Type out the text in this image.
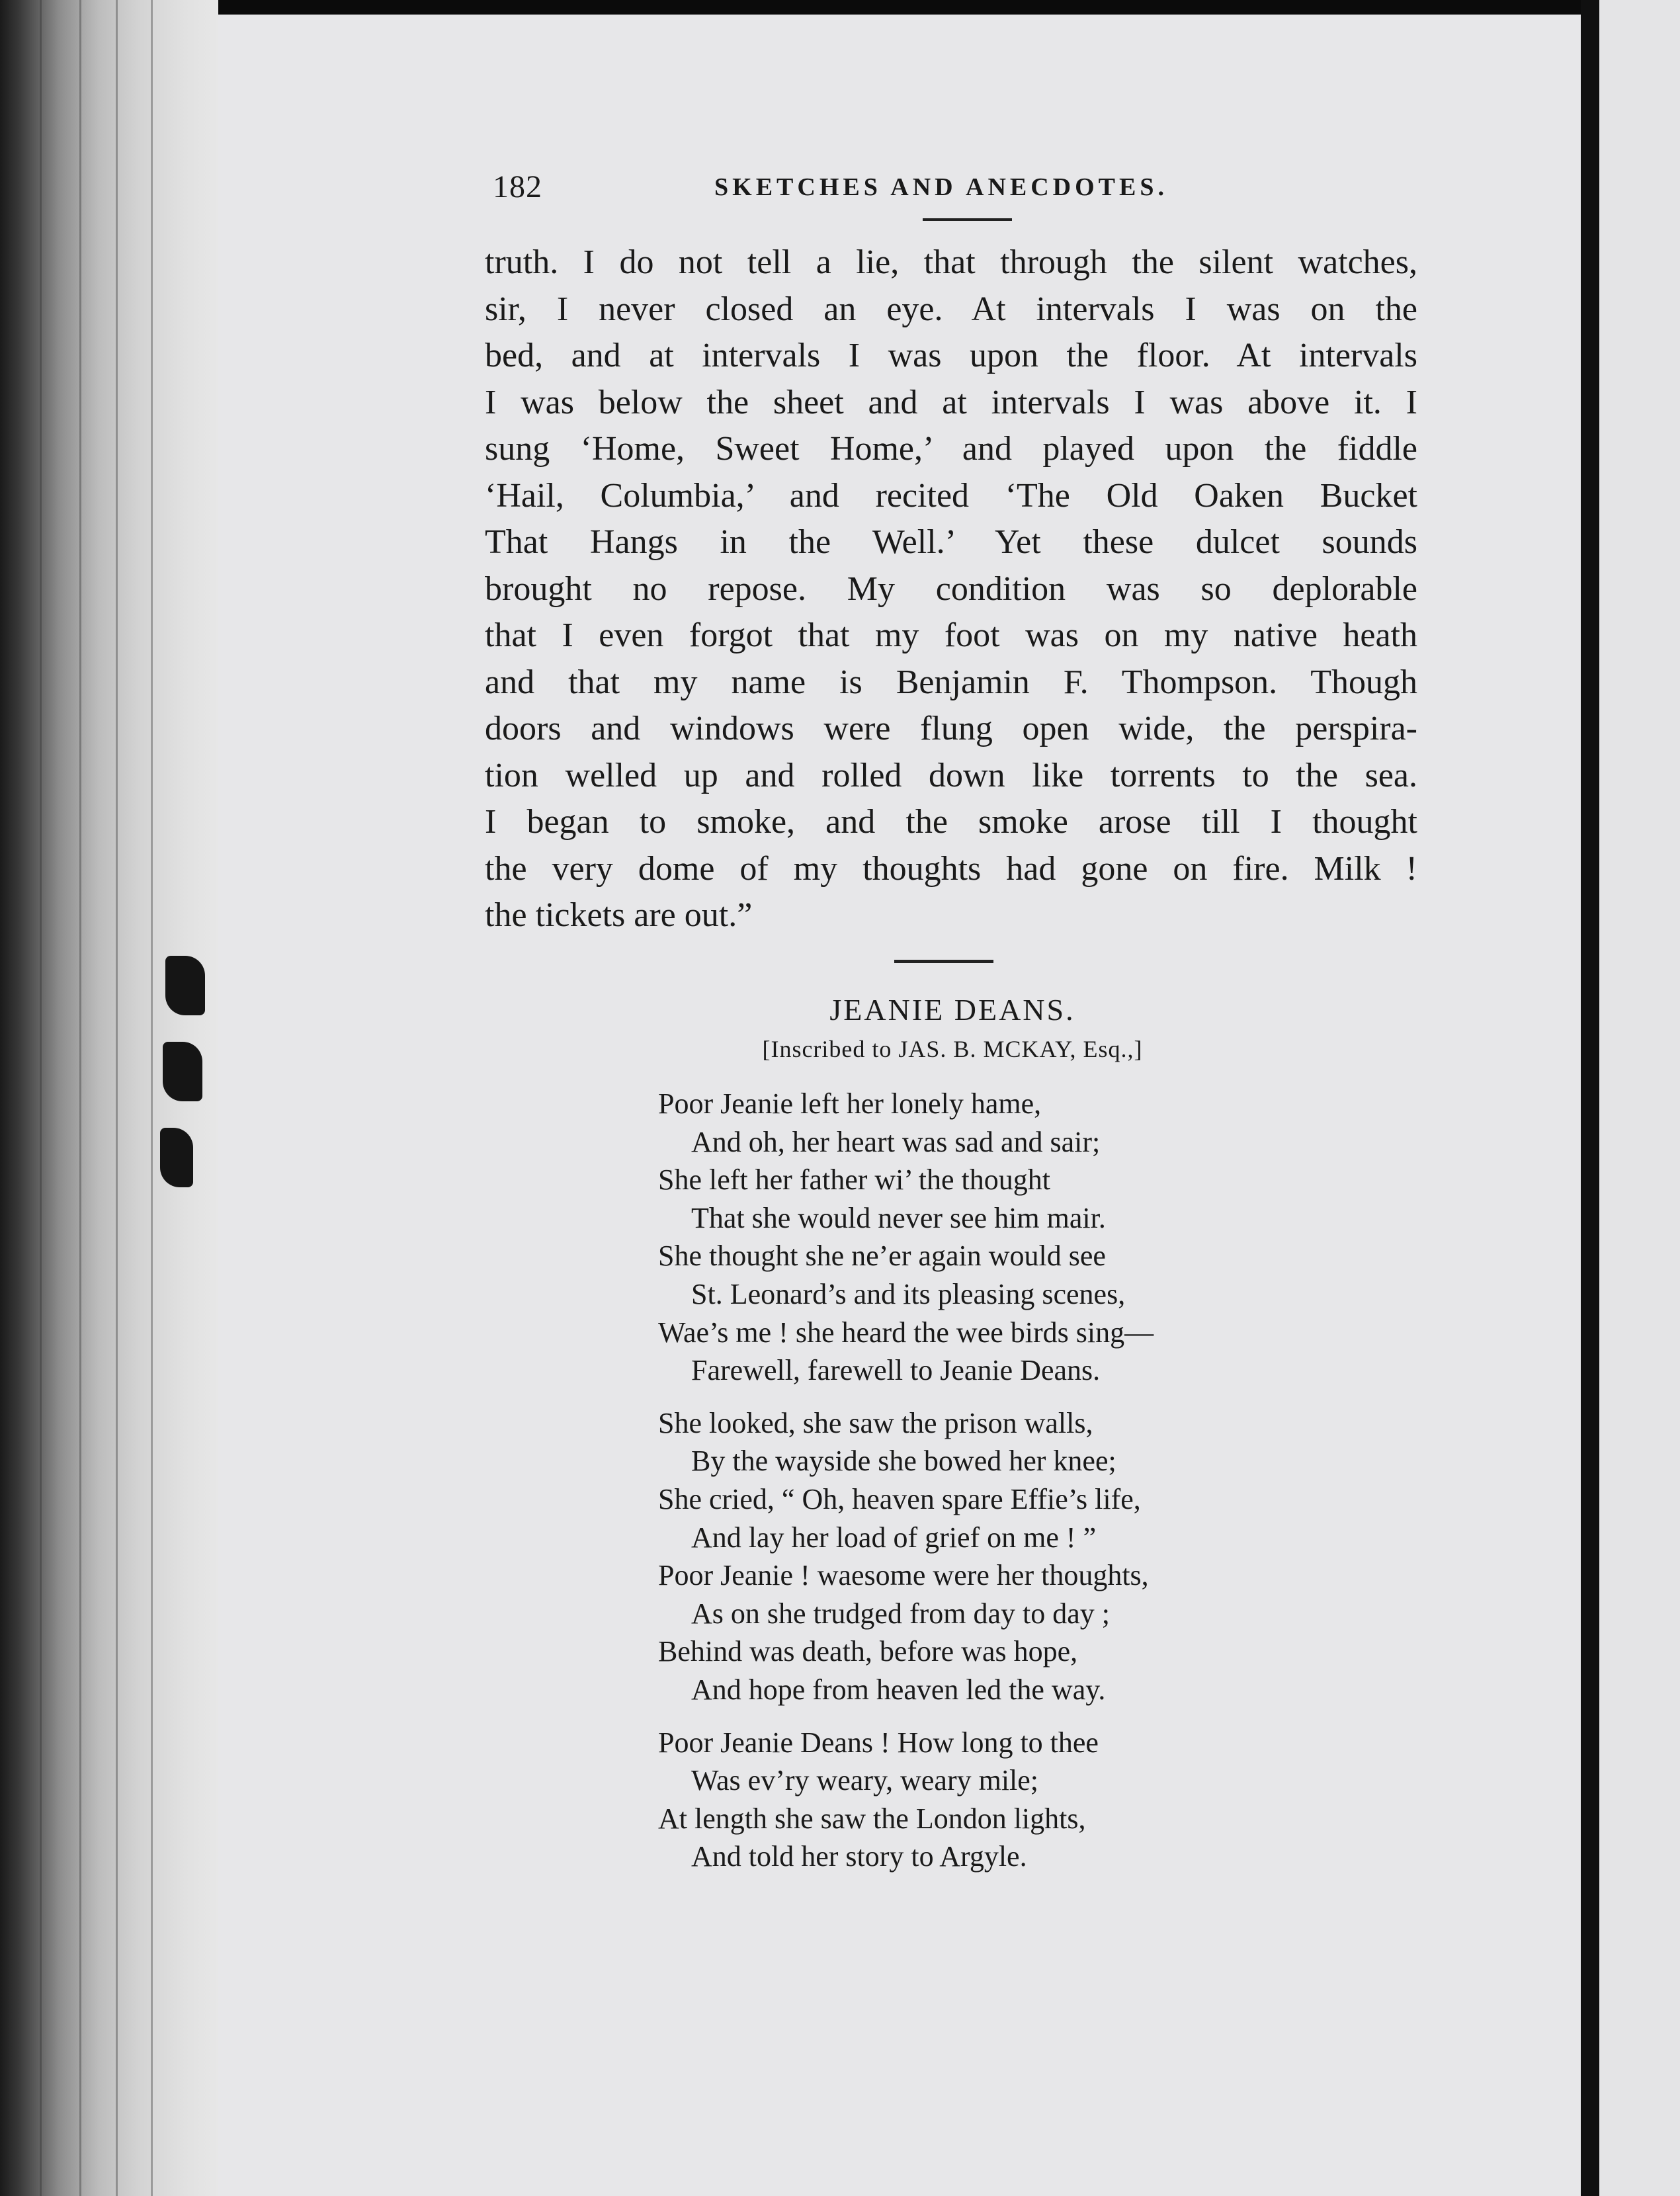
182	SKETCHES AND ANECDOTES.

truth. I do not tell a lie, that through the silent watches,
sir, I never closed an eye. At intervals I was on the
bed, and at intervals I was upon the floor. At intervals
I was below the sheet and at intervals I was above it. I
sung ‘Home, Sweet Home,’ and played upon the fiddle
‘Hail, Columbia,’ and recited ‘The Old Oaken Bucket
That Hangs in the Well.’ Yet these dulcet sounds
brought no repose. My condition was so deplorable
that I even forgot that my foot was on my native heath
and that my name is Benjamin F. Thompson. Though
doors and windows were flung open wide, the perspira-
tion welled up and rolled down like torrents to the sea.
I began to smoke, and the smoke arose till I thought
the very dome of my thoughts had gone on fire. Milk !
the tickets are out.”

JEANIE DEANS.
[Inscribed to JAS. B. MCKAY, Esq.,]
Poor Jeanie left her lonely hame,
And oh, her heart was sad and sair;
She left her father wi’ the thought
That she would never see him mair.
She thought she ne’er again would see
St. Leonard’s and its pleasing scenes,
Wae’s me ! she heard the wee birds sing—
Farewell, farewell to Jeanie Deans.
She looked, she saw the prison walls,
By the wayside she bowed her knee;
She cried, “ Oh, heaven spare Effie’s life,
And lay her load of grief on me ! ”
Poor Jeanie ! waesome were her thoughts,
As on she trudged from day to day ;
Behind was death, before was hope,
And hope from heaven led the way.
Poor Jeanie Deans ! How long to thee
Was ev’ry weary, weary mile;
At length she saw the London lights,
And told her story to Argyle.
